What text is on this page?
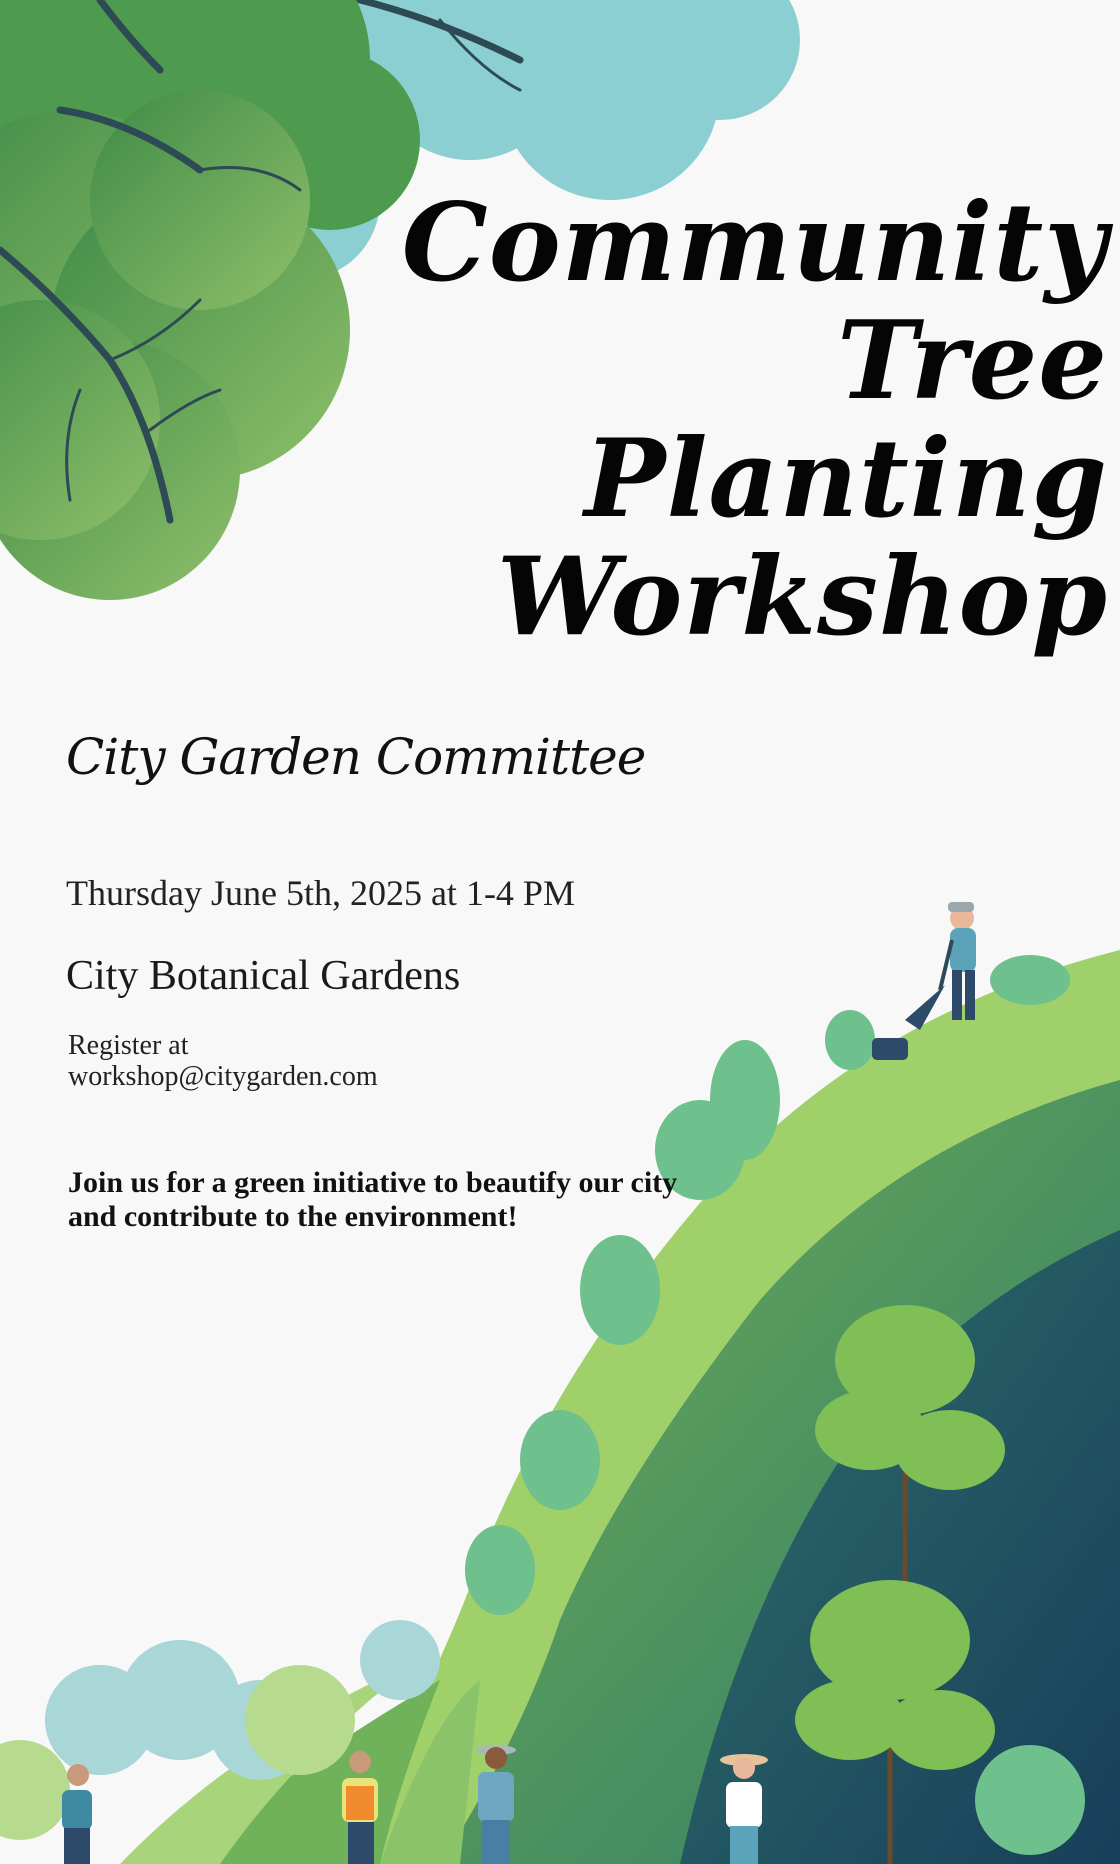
Community
Tree
Planting
Workshop
City Garden Committee
Thursday June 5th, 2025 at 1-4 PM
City Botanical Gardens
Register at
workshop@citygarden.com
Join us for a green initiative to beautify our city and contribute to the environment!
